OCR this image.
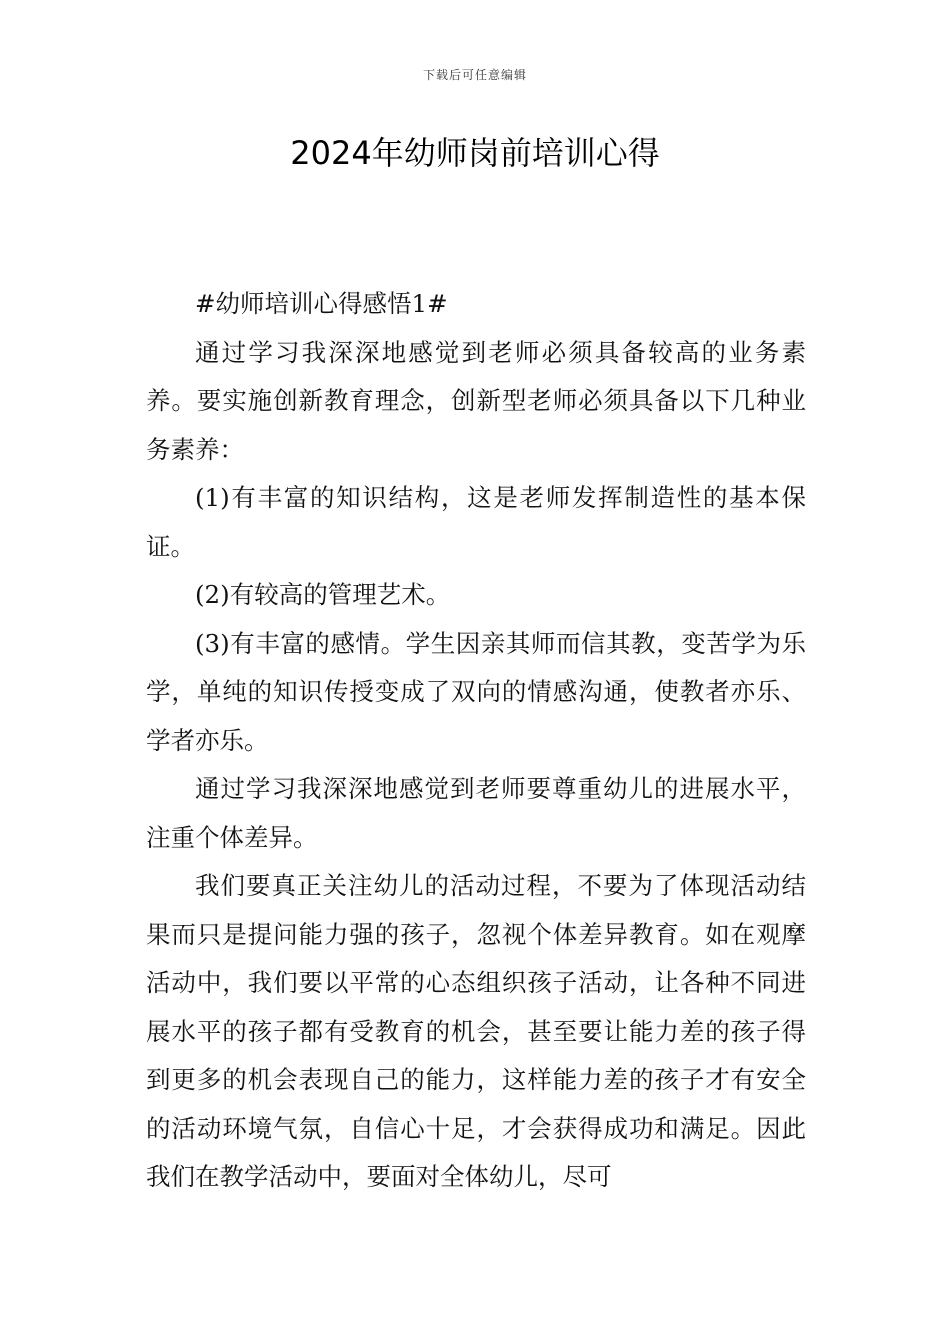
下载后可任意编辑
2024年幼师岗前培训心得

#幼师培训心得感悟1#

通过学习我深深地感觉到老师必须具备较高的业务素养。要实施创新教育理念，创新型老师必须具备以下几种业务素养：

(1)有丰富的知识结构，这是老师发挥制造性的基本保证。

(2)有较高的管理艺术。

(3)有丰富的感情。学生因亲其师而信其教，变苦学为乐学，单纯的知识传授变成了双向的情感沟通，使教者亦乐、学者亦乐。

通过学习我深深地感觉到老师要尊重幼儿的进展水平，注重个体差异。

我们要真正关注幼儿的活动过程，不要为了体现活动结果而只是提问能力强的孩子，忽视个体差异教育。如在观摩活动中，我们要以平常的心态组织孩子活动，让各种不同进展水平的孩子都有受教育的机会，甚至要让能力差的孩子得到更多的机会表现自己的能力，这样能力差的孩子才有安全的活动环境气氛，自信心十足，才会获得成功和满足。因此我们在教学活动中，要面对全体幼儿，尽可
